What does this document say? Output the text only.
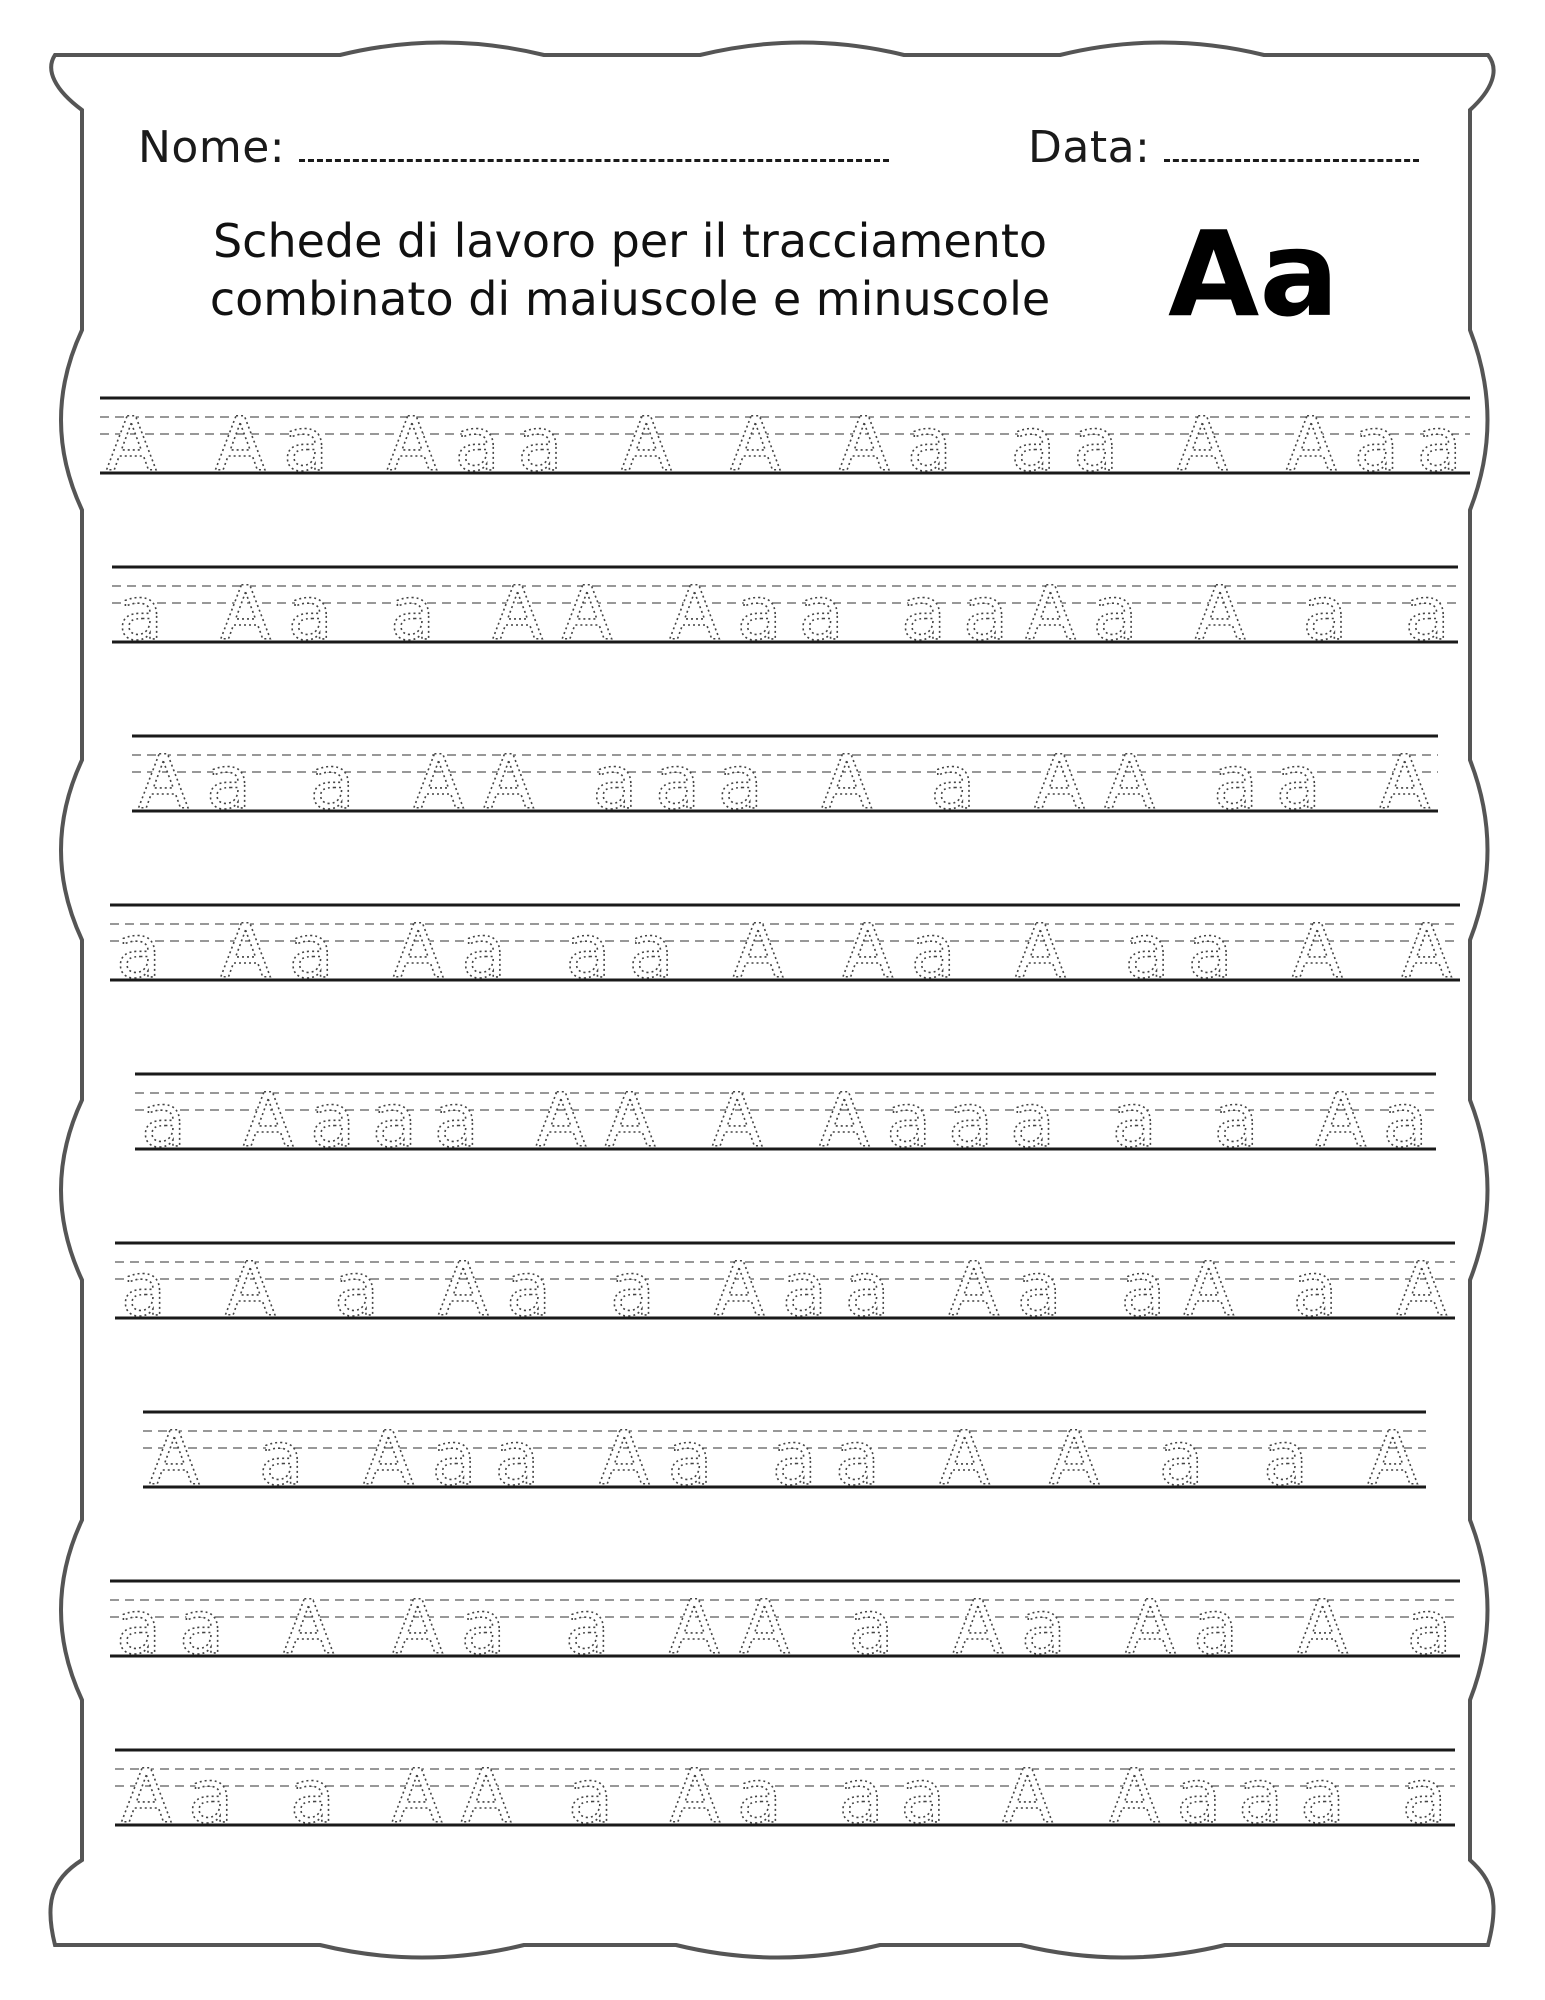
Nome:	Data:
Schede di lavoro per il tracciamento
combinato di maiuscole e minuscole Aa
A Aa Aaa A A Aa aa A Aaa
a Aa a AA Aaa aaAa A a a
Aa a AA aaa A a AA aa A
a Aa Aa aa A Aa A aa A A
a Aaaa AA A Aaaa a a Aa
a A a Aa a Aaa Aa aA a A
A a Aaa Aa aa A A a a A
aa A Aa a AA a Aa Aa A a
Aa a AA a Aa aa A Aaaa a
